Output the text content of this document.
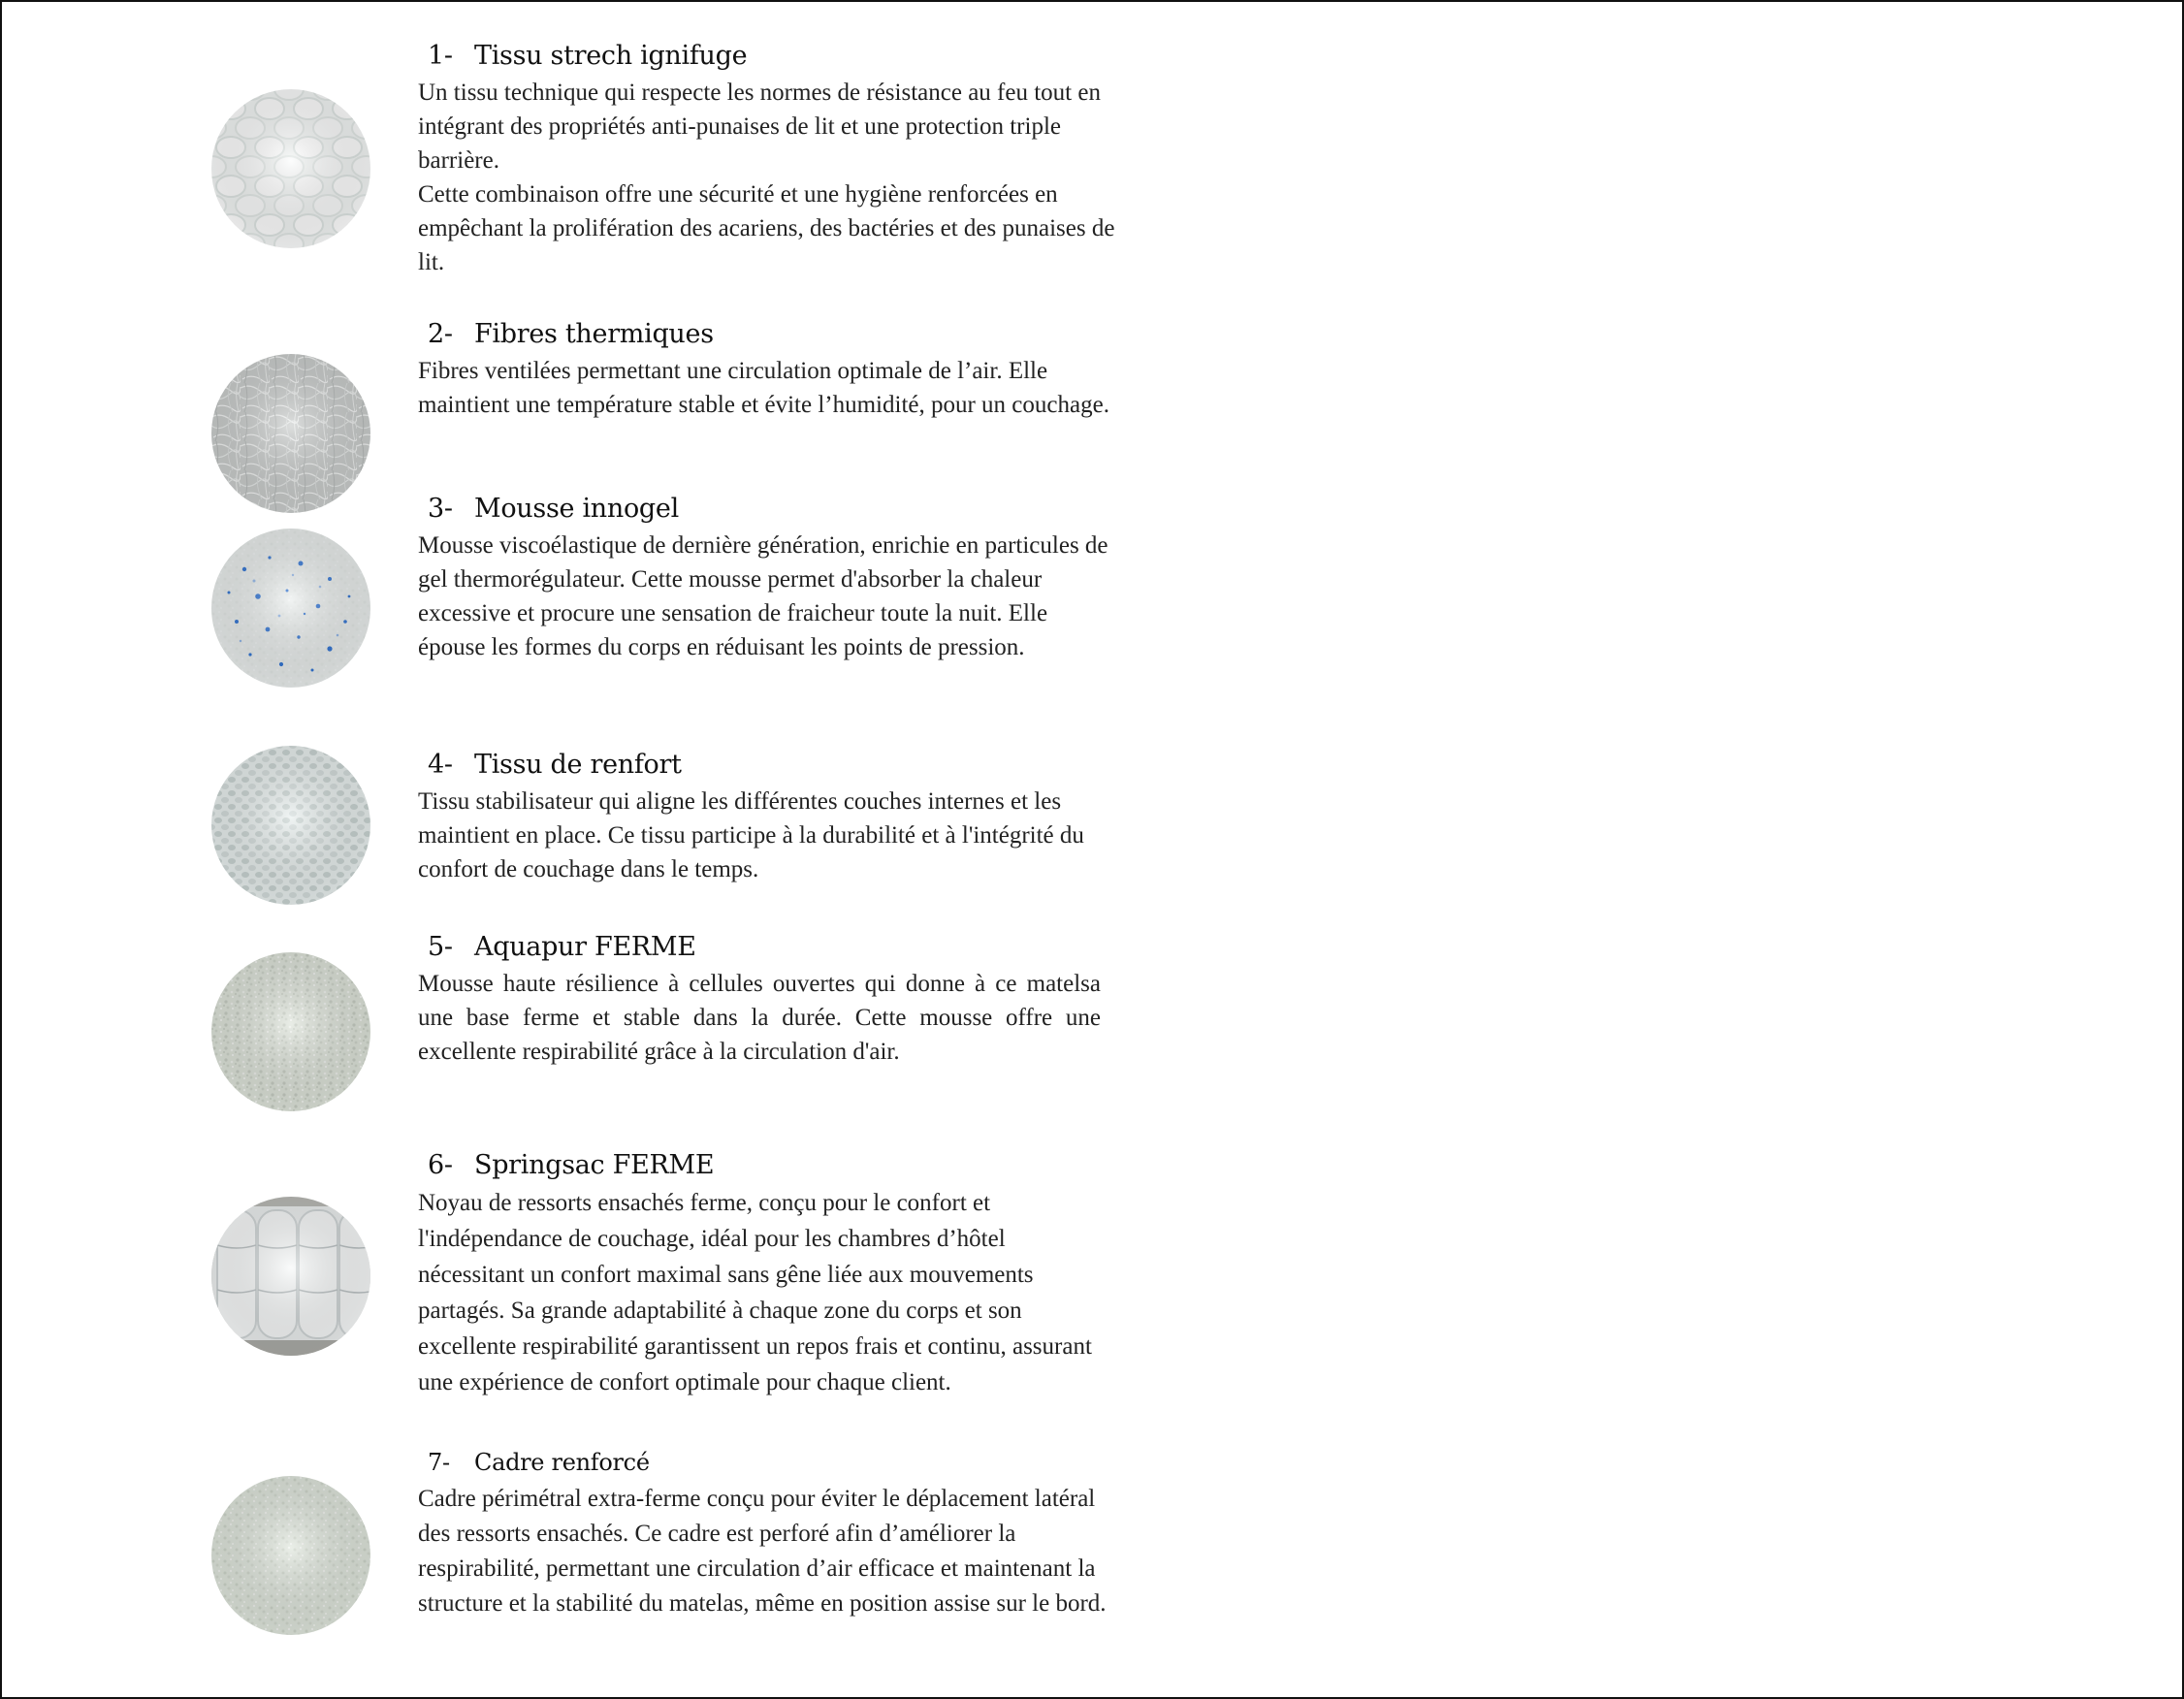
1- Tissu strech ignifuge

Un tissu technique qui respecte les normes de résistance au feu tout en intégrant des propriétés anti-punaises de lit et une protection triple barrière.

Cette combinaison offre une sécurité et une hygiène renforcées en empêchant la prolifération des acariens, des bactéries et des punaises de lit.

2- Fibres thermiques

Fibres ventilées permettant une circulation optimale de l’air. Elle maintient une température stable et évite l’humidité, pour un couchage.

3- Mousse innogel

Mousse viscoélastique de dernière génération, enrichie en particules de gel thermorégulateur. Cette mousse permet d'absorber la chaleur excessive et procure une sensation de fraicheur toute la nuit. Elle épouse les formes du corps en réduisant les points de pression.

4- Tissu de renfort

Tissu stabilisateur qui aligne les différentes couches internes et les maintient en place. Ce tissu participe à la durabilité et à l'intégrité du confort de couchage dans le temps.

5- Aquapur FERME

Mousse haute résilience à cellules ouvertes qui donne à ce matelsa une base ferme et stable dans la durée. Cette mousse offre une excellente respirabilité grâce à la circulation d'air.

6- Springsac FERME

Noyau de ressorts ensachés ferme, conçu pour le confort et l'indépendance de couchage, idéal pour les chambres d’hôtel nécessitant un confort maximal sans gêne liée aux mouvements partagés. Sa grande adaptabilité à chaque zone du corps et son excellente respirabilité garantissent un repos frais et continu, assurant une expérience de confort optimale pour chaque client.

7- Cadre renforcé

Cadre périmétral extra-ferme conçu pour éviter le déplacement latéral des ressorts ensachés. Ce cadre est perforé afin d’améliorer la respirabilité, permettant une circulation d’air efficace et maintenant la structure et la stabilité du matelas, même en position assise sur le bord.
